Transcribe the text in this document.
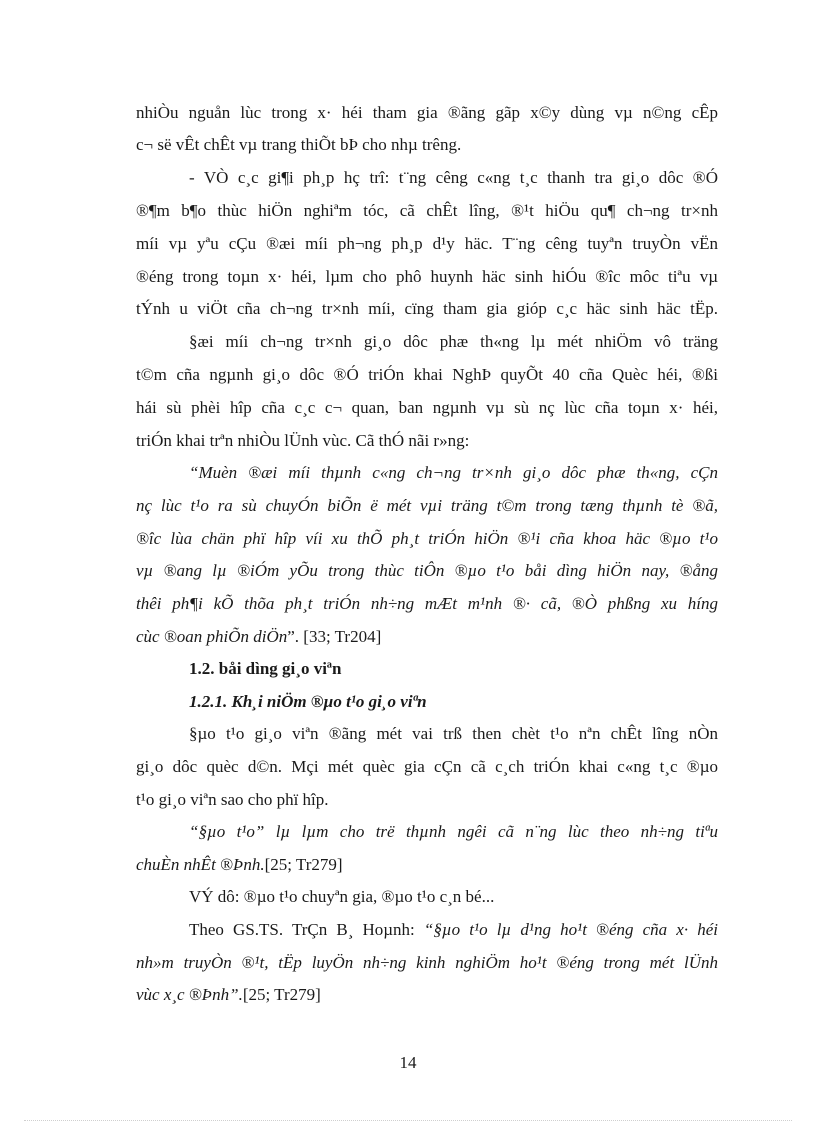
nhiÒu nguån lùc trong x· héi tham gia ®ãng gãp x©y dùng vµ n©ng cÊp
c¬ së vÊt chÊt vµ trang thiÕt bÞ cho nhµ trêng.
- VÒ c¸c gi¶i ph¸p hç trî: t¨ng cêng c«ng t¸c thanh tra gi¸o dôc ®Ó
®¶m b¶o thùc hiÖn nghiªm tóc, cã chÊt lîng, ®¹t hiÖu qu¶ ch¬ng tr×nh
míi vµ yªu cÇu ®æi míi ph¬ng ph¸p d¹y häc. T¨ng cêng tuyªn truyÒn vËn
®éng trong toµn x· héi, lµm cho phô huynh häc sinh hiÓu ®îc môc tiªu vµ
tÝnh u viÖt cña ch¬ng tr×nh míi, cïng tham gia gióp c¸c häc sinh häc tËp.
§æi míi ch¬ng tr×nh gi¸o dôc phæ th«ng lµ mét nhiÖm vô träng
t©m cña ngµnh gi¸o dôc ®Ó triÓn khai NghÞ quyÕt 40 cña Quèc héi, ®ßi
hái sù phèi hîp cña c¸c c¬ quan, ban ngµnh vµ sù nç lùc cña toµn x· héi,
triÓn khai trªn nhiÒu lÜnh vùc. Cã thÓ nãi r»ng:
“Muèn ®æi míi thµnh c«ng ch¬ng tr×nh gi¸o dôc phæ th«ng, cÇn
nç lùc t¹o ra sù chuyÓn biÕn ë mét vµi träng t©m trong tæng thµnh tè ®ã,
®îc lùa chän phï hîp víi xu thÕ ph¸t triÓn hiÖn ®¹i cña khoa häc ®µo t¹o
vµ ®ang lµ ®iÓm yÕu trong thùc tiÔn ®µo t¹o båi dìng hiÖn nay, ®ång
thêi ph¶i kÕ thõa ph¸t triÓn nh÷ng mÆt m¹nh ®· cã, ®Ò phßng xu híng
cùc ®oan phiÕn diÖn”. [33; Tr204]
1.2. båi dìng gi¸o viªn
1.2.1. Kh¸i niÖm ®µo t¹o gi¸o viªn
§µo t¹o gi¸o viªn ®ãng mét vai trß then chèt t¹o nªn chÊt lîng nÒn
gi¸o dôc quèc d©n. Mçi mét quèc gia cÇn cã c¸ch triÓn khai c«ng t¸c ®µo
t¹o gi¸o viªn sao cho phï hîp.
“§µo t¹o” lµ lµm cho trë thµnh ngêi cã n¨ng lùc theo nh÷ng tiªu
chuÈn nhÊt ®Þnh.[25; Tr279]
VÝ dô: ®µo t¹o chuyªn gia, ®µo t¹o c¸n bé...
Theo GS.TS. TrÇn B¸ Hoµnh: “§µo t¹o lµ d¹ng ho¹t ®éng cña x· héi
nh»m truyÒn ®¹t, tËp luyÖn nh÷ng kinh nghiÖm ho¹t ®éng trong mét lÜnh
vùc x¸c ®Þnh”.[25; Tr279]
14
